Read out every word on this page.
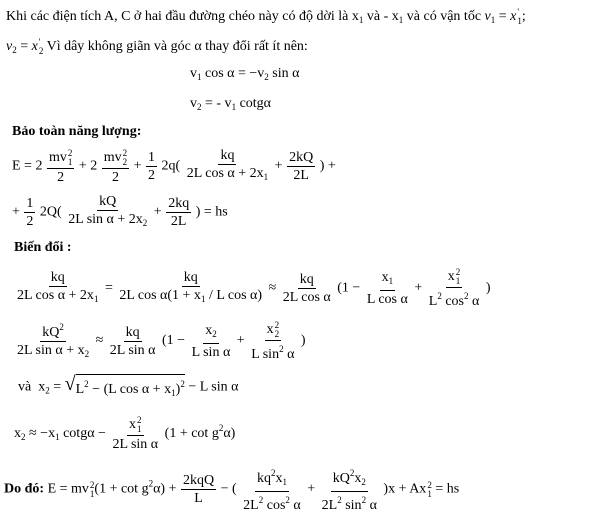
Khi các điện tích A, C ở hai đầu đường chéo này có độ dời là $x_1$ và - $x_1$ và có vận tốc $v_1 = x$ '
1 ;
$v_2 = x$ '
2 Vì dây không giãn và góc α thay đổi rất ít nên:
$v_1$ $\cos \alpha = -v_2$ sin α
$v_2$ = - $v_1$ cotgα
Bảo toàn năng lượng:
E = 2 mv 2
1
2 + 2 mv 2
2
$2 + \frac{1}{2} 2q( \frac{kq}{2L \cos \alpha + 2x_1} + \frac{2kQ}{2L}$ ) +
+ $\frac{1}{2} 2Q( \frac{kQ}{2L \sin \alpha + 2x_2} + \frac{2kq}{2L}$ ) = hs
Biến đổi :
$\frac{kq}{2L \cos \alpha + 2x_1} = \frac{kq}{2L \cos \alpha(1 + x_1 / L \cos \alpha)} \approx \frac{kq}{\text{2L cos α}} (1 - \frac{x_1}{\text{L cos α}} + x$ 2
1
$L^2$ $\cos^2 \alpha$ )
$\frac{kQ^2}{2L \sin \alpha + x_2} \approx \frac{kq}{\text{2L sin α}} (1 - \frac{x_2}{\text{L sin α}} + x$ 2
2
L $\sin^2 \alpha$ )
và  $x_2$ = √ $L^2 - (L$ $\cos \alpha + x_1)^2 - L$ sin α
$x_2 \approx -x_1$ cotgα − x 2
1
2L sin α $(1 + \cot g^2\alpha)$
Do đó: E = mv 2
1 $(1 + \cot g^2\alpha) + \frac{\text{2kqQ}}{L}$ − ( $\frac{kq^2x_1}{2L^2 \cos^2 \alpha} + \frac{kQ^2x_2}{2L^2 \sin^2 \alpha} )x + Ax$ 2
1 = hs
